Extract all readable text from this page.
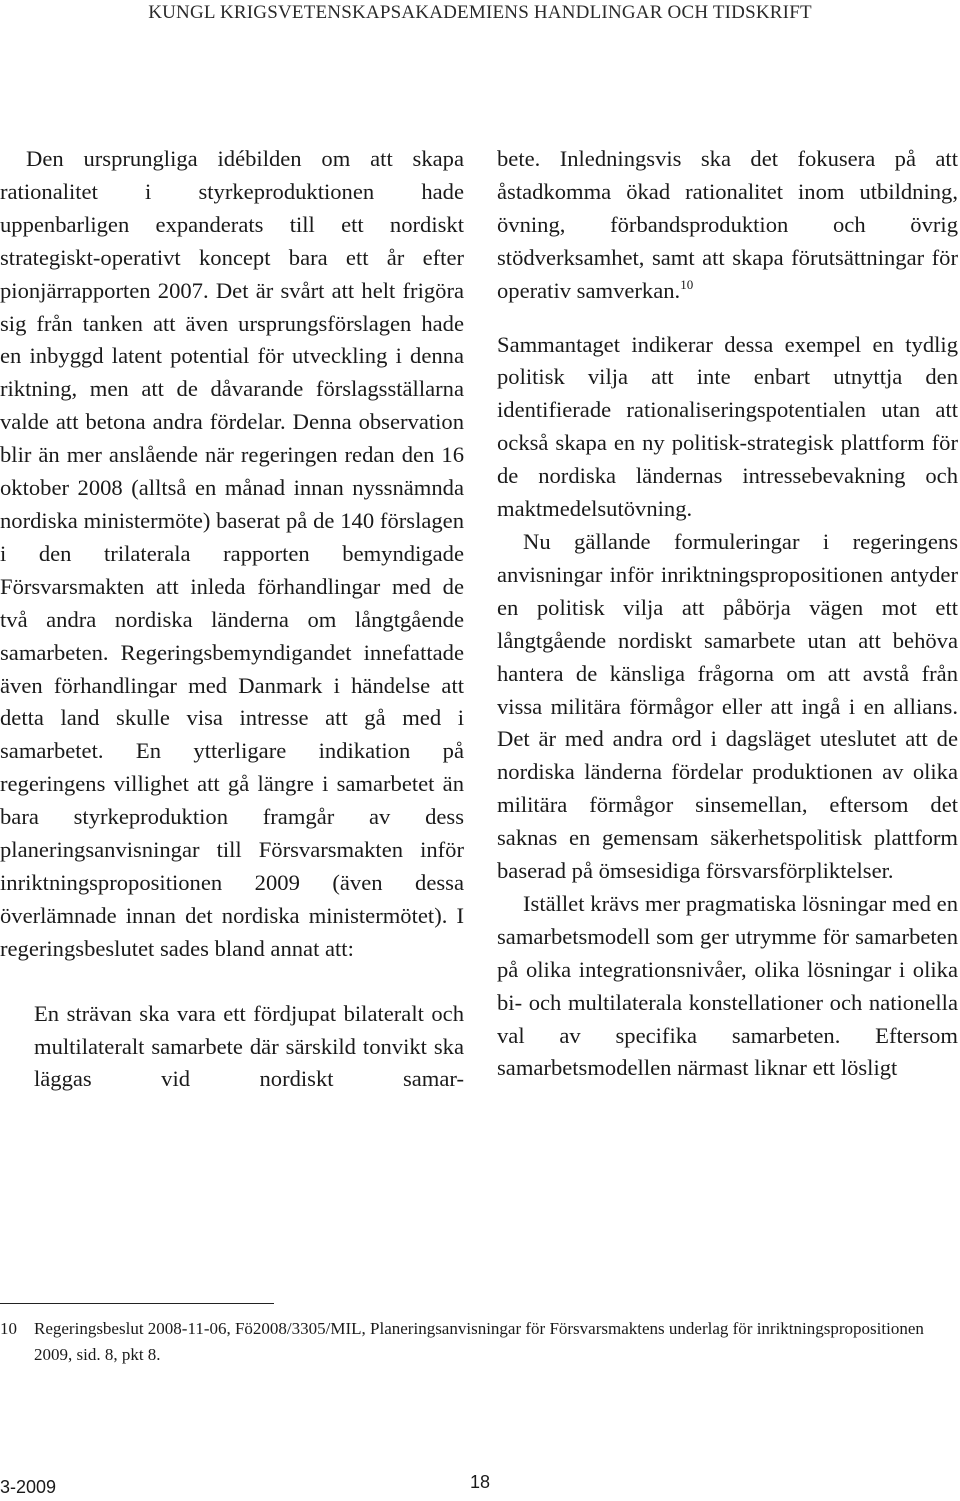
KUNGL KRIGSVETENSKAPSAKADEMIENS HANDLINGAR OCH TIDSKRIFT

Den ursprungliga idébilden om att skapa rationalitet i styrkeproduktionen hade uppenbarligen expanderats till ett nordiskt strategiskt-operativt koncept bara ett år efter pionjärrapporten 2007. Det är svårt att helt frigöra sig från tanken att även ursprungsförslagen hade en inbyggd latent potential för utveckling i denna riktning, men att de dåvarande förslagsställarna valde att betona andra fördelar. Denna observation blir än mer anslående när regeringen redan den 16 oktober 2008 (alltså en månad innan nyssnämnda nordiska ministermöte) baserat på de 140 förslagen i den trilaterala rapporten bemyndigade Försvarsmakten att inleda förhandlingar med de två andra nordiska länderna om långtgående samarbeten. Regeringsbemyndigandet innefattade även förhandlingar med Danmark i händelse att detta land skulle visa intresse att gå med i samarbetet. En ytterligare indikation på regeringens villighet att gå längre i samarbetet än bara styrkeproduktion framgår av dess planeringsanvisningar till Försvarsmakten inför inriktningspropositionen 2009 (även dessa överlämnade innan det nordiska ministermötet). I regeringsbeslutet sades bland annat att:

En strävan ska vara ett fördjupat bilateralt och multilateralt samarbete där särskild tonvikt ska läggas vid nordiskt samar-

bete. Inledningsvis ska det fokusera på att åstadkomma ökad rationalitet inom utbildning, övning, förbandsproduktion och övrig stödverksamhet, samt att skapa förutsättningar för operativ samverkan.$^{10}$

Sammantaget indikerar dessa exempel en tydlig politisk vilja att inte enbart utnyttja den identifierade rationaliseringspotentialen utan att också skapa en ny politisk-strategisk plattform för de nordiska ländernas intressebevakning och maktmedelsutövning.

Nu gällande formuleringar i regeringens anvisningar inför inriktningspropositionen antyder en politisk vilja att påbörja vägen mot ett långtgående nordiskt samarbete utan att behöva hantera de känsliga frågorna om att avstå från vissa militära förmågor eller att ingå i en allians. Det är med andra ord i dagsläget uteslutet att de nordiska länderna fördelar produktionen av olika militära förmågor sinsemellan, eftersom det saknas en gemensam säkerhetspolitisk plattform baserad på ömsesidiga försvarsförpliktelser.

Istället krävs mer pragmatiska lösningar med en samarbetsmodell som ger utrymme för samarbeten på olika integrationsnivåer, olika lösningar i olika bi- och multilaterala konstellationer och nationella val av specifika samarbeten. Eftersom samarbetsmodellen närmast liknar ett lösligt

10 Regeringsbeslut 2008-11-06, Fö2008/3305/MIL, Planeringsanvisningar för Försvarsmaktens underlag för inriktningspropositionen 2009, sid. 8, pkt 8.
3-2009	18
